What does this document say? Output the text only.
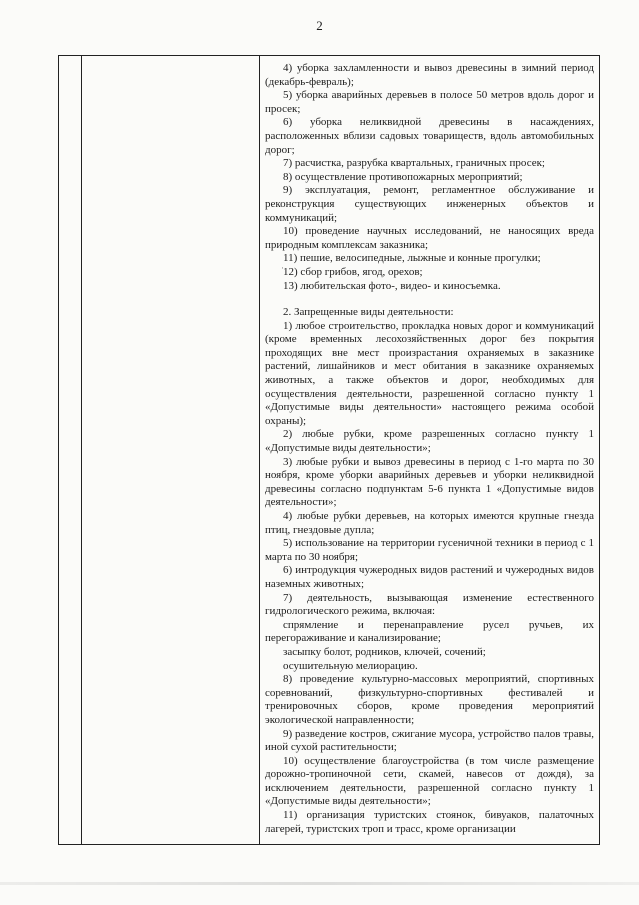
2
·

4) уборка захламленности и вывоз древесины в зимний период (декабрь-февраль);

5) уборка аварийных деревьев в полосе 50 метров вдоль дорог и просек;

6) уборка неликвидной древесины в насаждениях, расположенных вблизи садовых товариществ, вдоль автомобильных дорог;

7) расчистка, разрубка квартальных, граничных просек;

8) осуществление противопожарных мероприятий;

9) эксплуатация, ремонт, регламентное обслуживание и реконструкция существующих инженерных объектов и коммуникаций;

10) проведение научных исследований, не наносящих вреда природным комплексам заказника;

11) пешие, велосипедные, лыжные и конные прогулки;

12) сбор грибов, ягод, орехов;

13) любительская фото-, видео- и киносъемка.

2. Запрещенные виды деятельности:

1) любое строительство, прокладка новых дорог и коммуникаций (кроме временных лесохозяйственных дорог без покрытия проходящих вне мест произрастания охраняемых в заказнике растений, лишайников и мест обитания в заказнике охраняемых животных, а также объектов и дорог, необходимых для осуществления деятельности, разрешенной согласно пункту 1 «Допустимые виды деятельности» настоящего режима особой охраны);

2) любые рубки, кроме разрешенных согласно пункту 1 «Допустимые виды деятельности»;

3) любые рубки и вывоз древесины в период с 1-го марта по 30 ноября, кроме уборки аварийных деревьев и уборки неликвидной древесины согласно подпунктам 5-6 пункта 1 «Допустимые видов деятельности»;

4) любые рубки деревьев, на которых имеются крупные гнезда птиц, гнездовые дупла;

5) использование на территории гусеничной техники в период с 1 марта по 30 ноября;

6) интродукция чужеродных видов растений и чужеродных видов наземных животных;

7) деятельность, вызывающая изменение естественного гидрологического режима, включая:

спрямление и перенаправление русел ручьев, их перегораживание и канализирование;

засыпку болот, родников, ключей, сочений;

осушительную мелиорацию.

8) проведение культурно-массовых мероприятий, спортивных соревнований, физкультурно-спортивных фестивалей и тренировочных сборов, кроме проведения мероприятий экологической направленности;

9) разведение костров, сжигание мусора, устройство палов травы, иной сухой растительности;

10) осуществление благоустройства (в том числе размещение дорожно-тропиночной сети, скамей, навесов от дождя), за исключением деятельности, разрешенной согласно пункту 1 «Допустимые виды деятельности»;

11) организация туристских стоянок, бивуаков, палаточных лагерей, туристских троп и трасс, кроме организации
